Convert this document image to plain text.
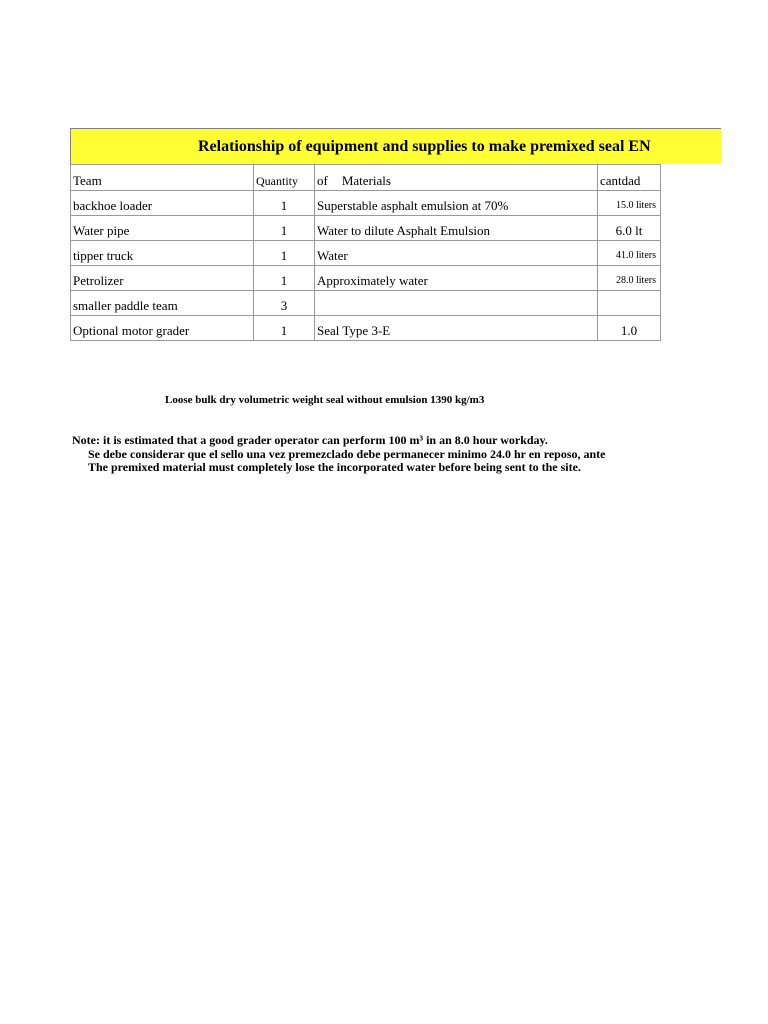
Relationship of equipment and supplies to make premixed seal EN
Team	Quantity	of Materials	cantdad
backhoe loader	1	Superstable asphalt emulsion at 70%	15.0 liters
Water pipe	1	Water to dilute Asphalt Emulsion	6.0 lt
tipper truck	1	Water	41.0 liters
Petrolizer	1	Approximately water	28.0 liters
smaller paddle team	3		
Optional motor grader	1	Seal Type 3-E	1.0
Loose bulk dry volumetric weight seal without emulsion 1390 kg/m3
Note: it is estimated that a good grader operator can perform 100 m³ in an 8.0 hour workday.
Se debe considerar que el sello una vez premezclado debe permanecer minimo 24.0 hr en reposo, ante
The premixed material must completely lose the incorporated water before being sent to the site.
